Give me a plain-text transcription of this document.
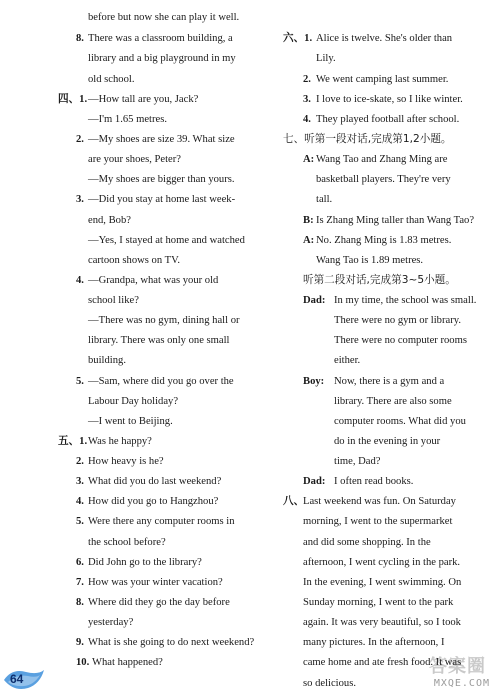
64
答案圈
MXQE.COM
before but now she can play it well.
8. There was a classroom building, a
library and a big playground in my
old school.
四、1. —How tall are you, Jack?
—I'm 1.65 metres.
2. —My shoes are size 39. What size
are your shoes, Peter?
—My shoes are bigger than yours.
3. —Did you stay at home last week-
end, Bob?
—Yes, I stayed at home and watched
cartoon shows on TV.
4. —Grandpa, what was your old
school like?
—There was no gym, dining hall or
library. There was only one small
building.
5. —Sam, where did you go over the
Labour Day holiday?
—I went to Beijing.
五、1. Was he happy?
2. How heavy is he?
3. What did you do last weekend?
4. How did you go to Hangzhou?
5. Were there any computer rooms in
the school before?
6. Did John go to the library?
7. How was your winter vacation?
8. Where did they go the day before
yesterday?
9. What is she going to do next weekend?
10. What happened?
六、1. Alice is twelve. She's older than
Lily.
2. We went camping last summer.
3. I love to ice-skate, so I like winter.
4. They played football after school.
七、听第一段对话,完成第1,2小题。
A: Wang Tao and Zhang Ming are
basketball players. They're very
tall.
B: Is Zhang Ming taller than Wang Tao?
A: No. Zhang Ming is 1.83 metres.
Wang Tao is 1.89 metres.
听第二段对话,完成第3~5小题。
Dad: In my time, the school was small.
There were no gym or library.
There were no computer rooms
either.
Boy: Now, there is a gym and a
library. There are also some
computer rooms. What did you
do in the evening in your
time, Dad?
Dad: I often read books.
八、
Last weekend was fun. On Saturday
morning, I went to the supermarket
and did some shopping. In the
afternoon, I went cycling in the park.
In the evening, I went swimming. On
Sunday morning, I went to the park
again. It was very beautiful, so I took
many pictures. In the afternoon, I
came home and ate fresh food. It was
so delicious.
